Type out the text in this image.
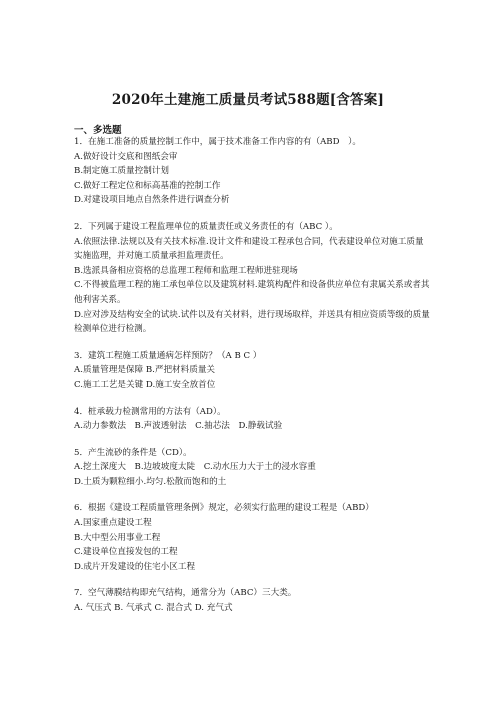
2020年土建施工质量员考试588题[含答案]
一、多选题

1．在施工准备的质量控制工作中，属于技术准备工作内容的有（ABD　）。

A.做好设计交底和图纸会审

B.制定施工质量控制计划

C.做好工程定位和标高基准的控制工作

D.对建设项目地点自然条件进行调查分析

2．下列属于建设工程监理单位的质量责任或义务责任的有（ABC ）。

A.依照法律.法规以及有关技术标准.设计文件和建设工程承包合同，代表建设单位对施工质量实施监理，并对施工质量承担监理责任。

B.选派具备相应资格的总监理工程师和监理工程师进驻现场

C.不得被监理工程的施工承包单位以及建筑材料.建筑构配件和设备供应单位有隶属关系或者其他利害关系。

D.应对涉及结构安全的试块.试件以及有关材料，进行现场取样，并送具有相应资质等级的质量检测单位进行检测。

3．建筑工程施工质量通病怎样预防？（A B C ）

A.质量管理是保障 B.严把材料质量关

C.施工工艺是关键 D.施工安全放首位

4．桩承载力检测常用的方法有（AD）。

A.动力参数法　B.声波透射法　C.抽芯法　D.静载试验

5．产生流砂的条件是（CD）。

A.挖土深度大　B.边坡坡度太陡　C.动水压力大于土的浸水容重

D.土质为颗粒细小.均匀.松散而饱和的土

6．根据《建设工程质量管理条例》规定，必须实行监理的建设工程是（ABD）

A.国家重点建设工程

B.大中型公用事业工程

C.建设单位直接发包的工程

D.成片开发建设的住宅小区工程

7．空气薄膜结构即充气结构，通常分为（ABC）三大类。

A. 气压式 B. 气承式 C. 混合式 D. 充气式
